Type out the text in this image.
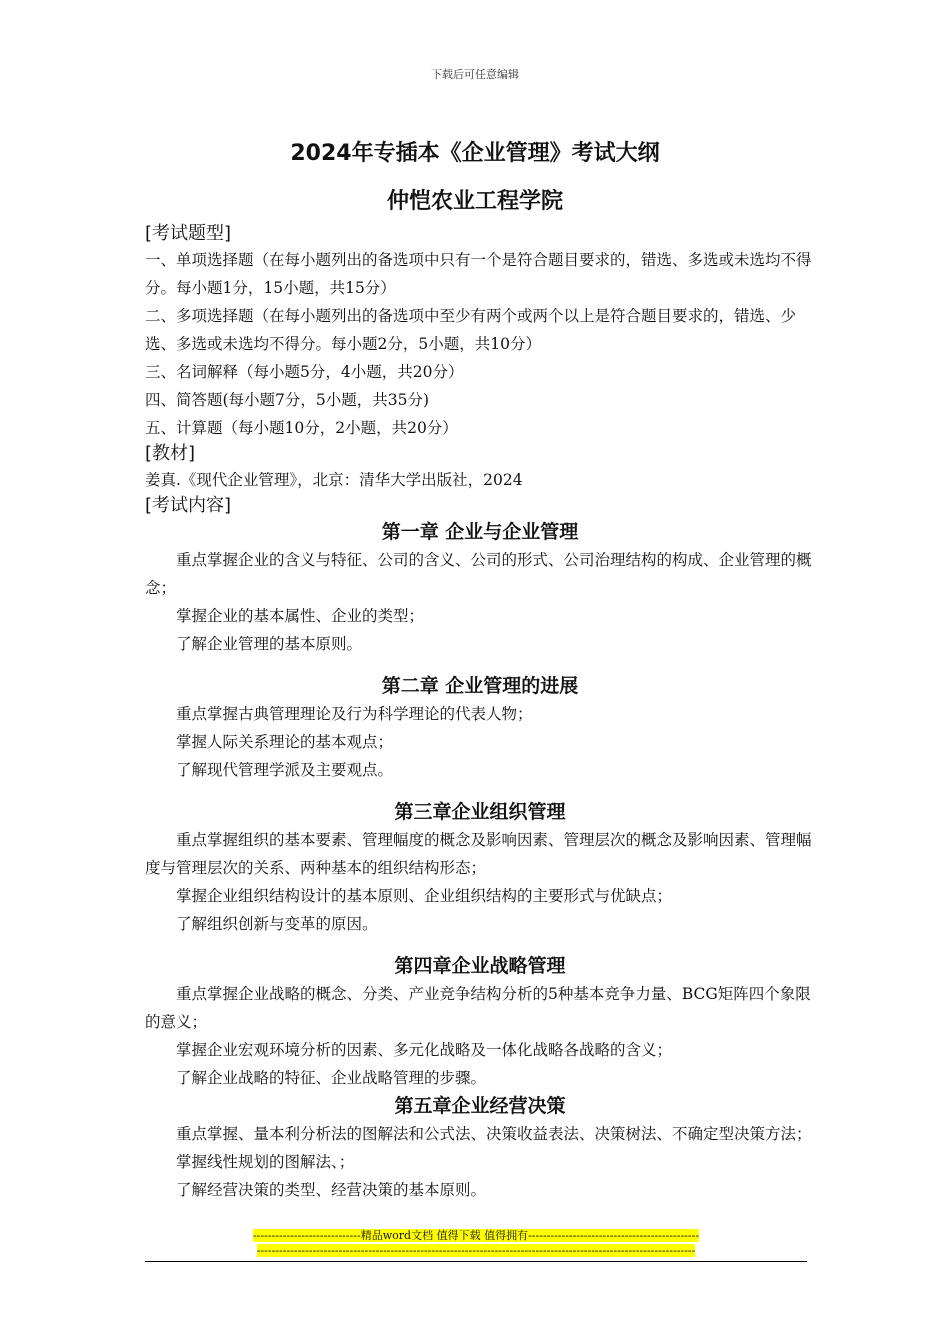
下载后可任意编辑
2024年专插本《企业管理》考试大纲
仲恺农业工程学院
[考试题型]
一、单项选择题（在每小题列出的备选项中只有一个是符合题目要求的，错选、多选或未选均不得分。每小题1分，15小题，共15分）
二、多项选择题（在每小题列出的备选项中至少有两个或两个以上是符合题目要求的，错选、少选、多选或未选均不得分。每小题2分，5小题，共10分）
三、名词解释（每小题5分，4小题，共20分）
四、简答题(每小题7分，5小题，共35分)
五、计算题（每小题10分，2小题，共20分）
[教材]
姜真.《现代企业管理》，北京：清华大学出版社，2024
[考试内容]
第一章 企业与企业管理
重点掌握企业的含义与特征、公司的含义、公司的形式、公司治理结构的构成、企业管理的概念；
掌握企业的基本属性、企业的类型；
了解企业管理的基本原则。
第二章 企业管理的进展
重点掌握古典管理理论及行为科学理论的代表人物；
掌握人际关系理论的基本观点；
了解现代管理学派及主要观点。
第三章企业组织管理
重点掌握组织的基本要素、管理幅度的概念及影响因素、管理层次的概念及影响因素、管理幅度与管理层次的关系、两种基本的组织结构形态；
掌握企业组织结构设计的基本原则、企业组织结构的主要形式与优缺点；
了解组织创新与变革的原因。
第四章企业战略管理
重点掌握企业战略的概念、分类、产业竞争结构分析的5种基本竞争力量、BCG矩阵四个象限的意义；
掌握企业宏观环境分析的因素、多元化战略及一体化战略各战略的含义；
了解企业战略的特征、企业战略管理的步骤。
第五章企业经营决策
重点掌握、量本利分析法的图解法和公式法、决策收益表法、决策树法、不确定型决策方法；
掌握线性规划的图解法、；
了解经营决策的类型、经营决策的基本原则。
-----------------------------精品word文档 值得下载 值得拥有----------------------------------------------
----------------------------------------------------------------------------------------------------------------------
